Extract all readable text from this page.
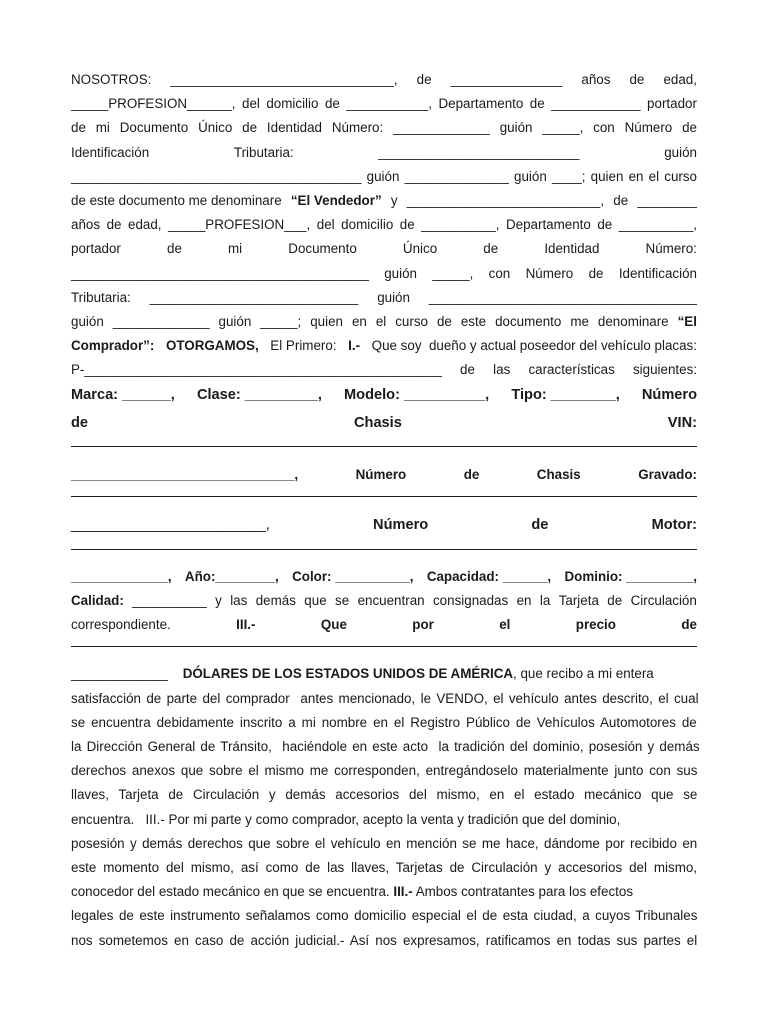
NOSOTROS: ______________________________, de _______________ años de edad,
_____PROFESION______, del domicilio de ___________, Departamento de ____________ portador
de mi Documento Único de Identidad Número: _____________ guión _____, con Número de
Identificación	Tributaria:	___________________________	guión
_______________________________________ guión ______________ guión ____; quien en el curso
de este documento me denominare “El Vendedor” y __________________________, de ________
años de edad, _____PROFESION___, del domicilio de __________, Departamento de __________,
portador	de	mi	Documento	Único	de	Identidad	Número:
________________________________________ guión _____, con Número de Identificación
Tributaria: ____________________________ guión ____________________________________
guión _____________ guión _____; quien en el curso de este documento me denominare “El
Comprador”: OTORGAMOS, El Primero: I.- Que soy  dueño y actual poseedor del vehículo placas:
P-________________________________________________ de las características siguientes:
Marca: ______, Clase: _________, Modelo: __________, Tipo: ________, Número
de	Chasis	VIN:
______________________________,	Número	de	Chasis	Gravado:
________________________,	Número	de	Motor:
_____________, Año:________, Color: __________, Capacidad: ______, Dominio: _________,
Calidad: __________ y las demás que se encuentran consignadas en la Tarjeta de Circulación
correspondiente.	III.-	Que	por	el	precio	de
_____________ DÓLARES DE LOS ESTADOS UNIDOS DE AMÉRICA, que recibo a mi entera
satisfacción de parte del comprador  antes mencionado, le VENDO, el vehículo antes descrito, el cual
se encuentra debidamente inscrito a mi nombre en el Registro Público de Vehículos Automotores de
la Dirección General de Tránsito,  haciéndole en este acto  la tradición del dominio, posesión y demás
derechos anexos que sobre el mismo me corresponden, entregándoselo materialmente junto con sus
llaves, Tarjeta de Circulación y demás accesorios del mismo, en el estado mecánico que se
encuentra. III.- Por mi parte y como comprador, acepto la venta y tradición que del dominio,
posesión y demás derechos que sobre el vehículo en mención se me hace, dándome por recibido en
este momento del mismo, así como de las llaves, Tarjetas de Circulación y accesorios del mismo,
conocedor del estado mecánico en que se encuentra. III.- Ambos contratantes para los efectos
legales de este instrumento señalamos como domicilio especial el de esta ciudad, a cuyos Tribunales
nos sometemos en caso de acción judicial.- Así nos expresamos, ratificamos en todas sus partes el
